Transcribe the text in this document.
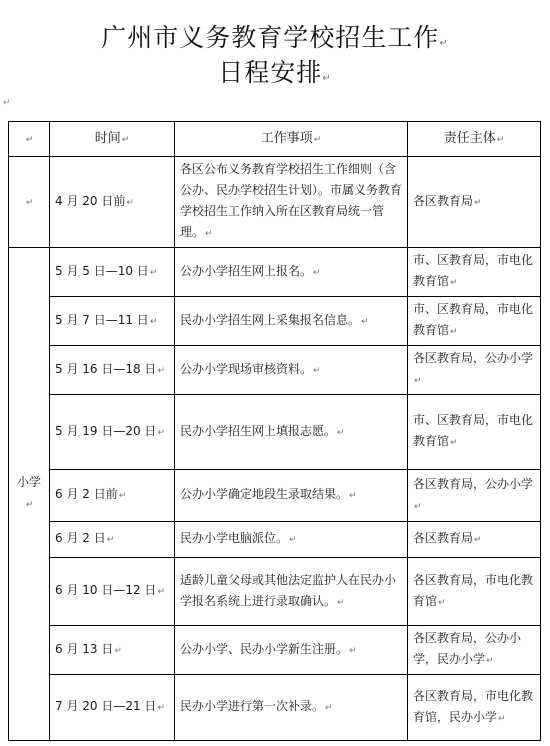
广州市义务教育学校招生工作↵
日程安排↵
↵
↵	时间↵	工作事项↵	责任主体↵
↵	4 月 20 日前↵	各区公布义务教育学校招生工作细则（含公办、民办学校招生计划）。市属义务教育学校招生工作纳入所在区教育局统一管理。↵	各区教育局↵
小学↵	5 月 5 日—10 日↵	公办小学招生网上报名。↵	市、区教育局，市电化教育馆↵
	5 月 7 日—11 日↵	民办小学招生网上采集报名信息。↵	市、区教育局，市电化教育馆↵
	5 月 16 日—18 日↵	公办小学现场审核资料。↵	各区教育局，公办小学↵
	5 月 19 日—20 日↵	民办小学招生网上填报志愿。↵	市、区教育局，市电化教育馆↵
	6 月 2 日前↵	公办小学确定地段生录取结果。↵	各区教育局，公办小学↵
	6 月 2 日↵	民办小学电脑派位。↵	各区教育局↵
	6 月 10 日—12 日↵	适龄儿童父母或其他法定监护人在民办小学报名系统上进行录取确认。↵	各区教育局，市电化教育馆↵
	6 月 13 日↵	公办小学、民办小学新生注册。↵	各区教育局，公办小学，民办小学↵
	7 月 20 日—21 日↵	民办小学进行第一次补录。↵	各区教育局，市电化教育馆，民办小学↵
